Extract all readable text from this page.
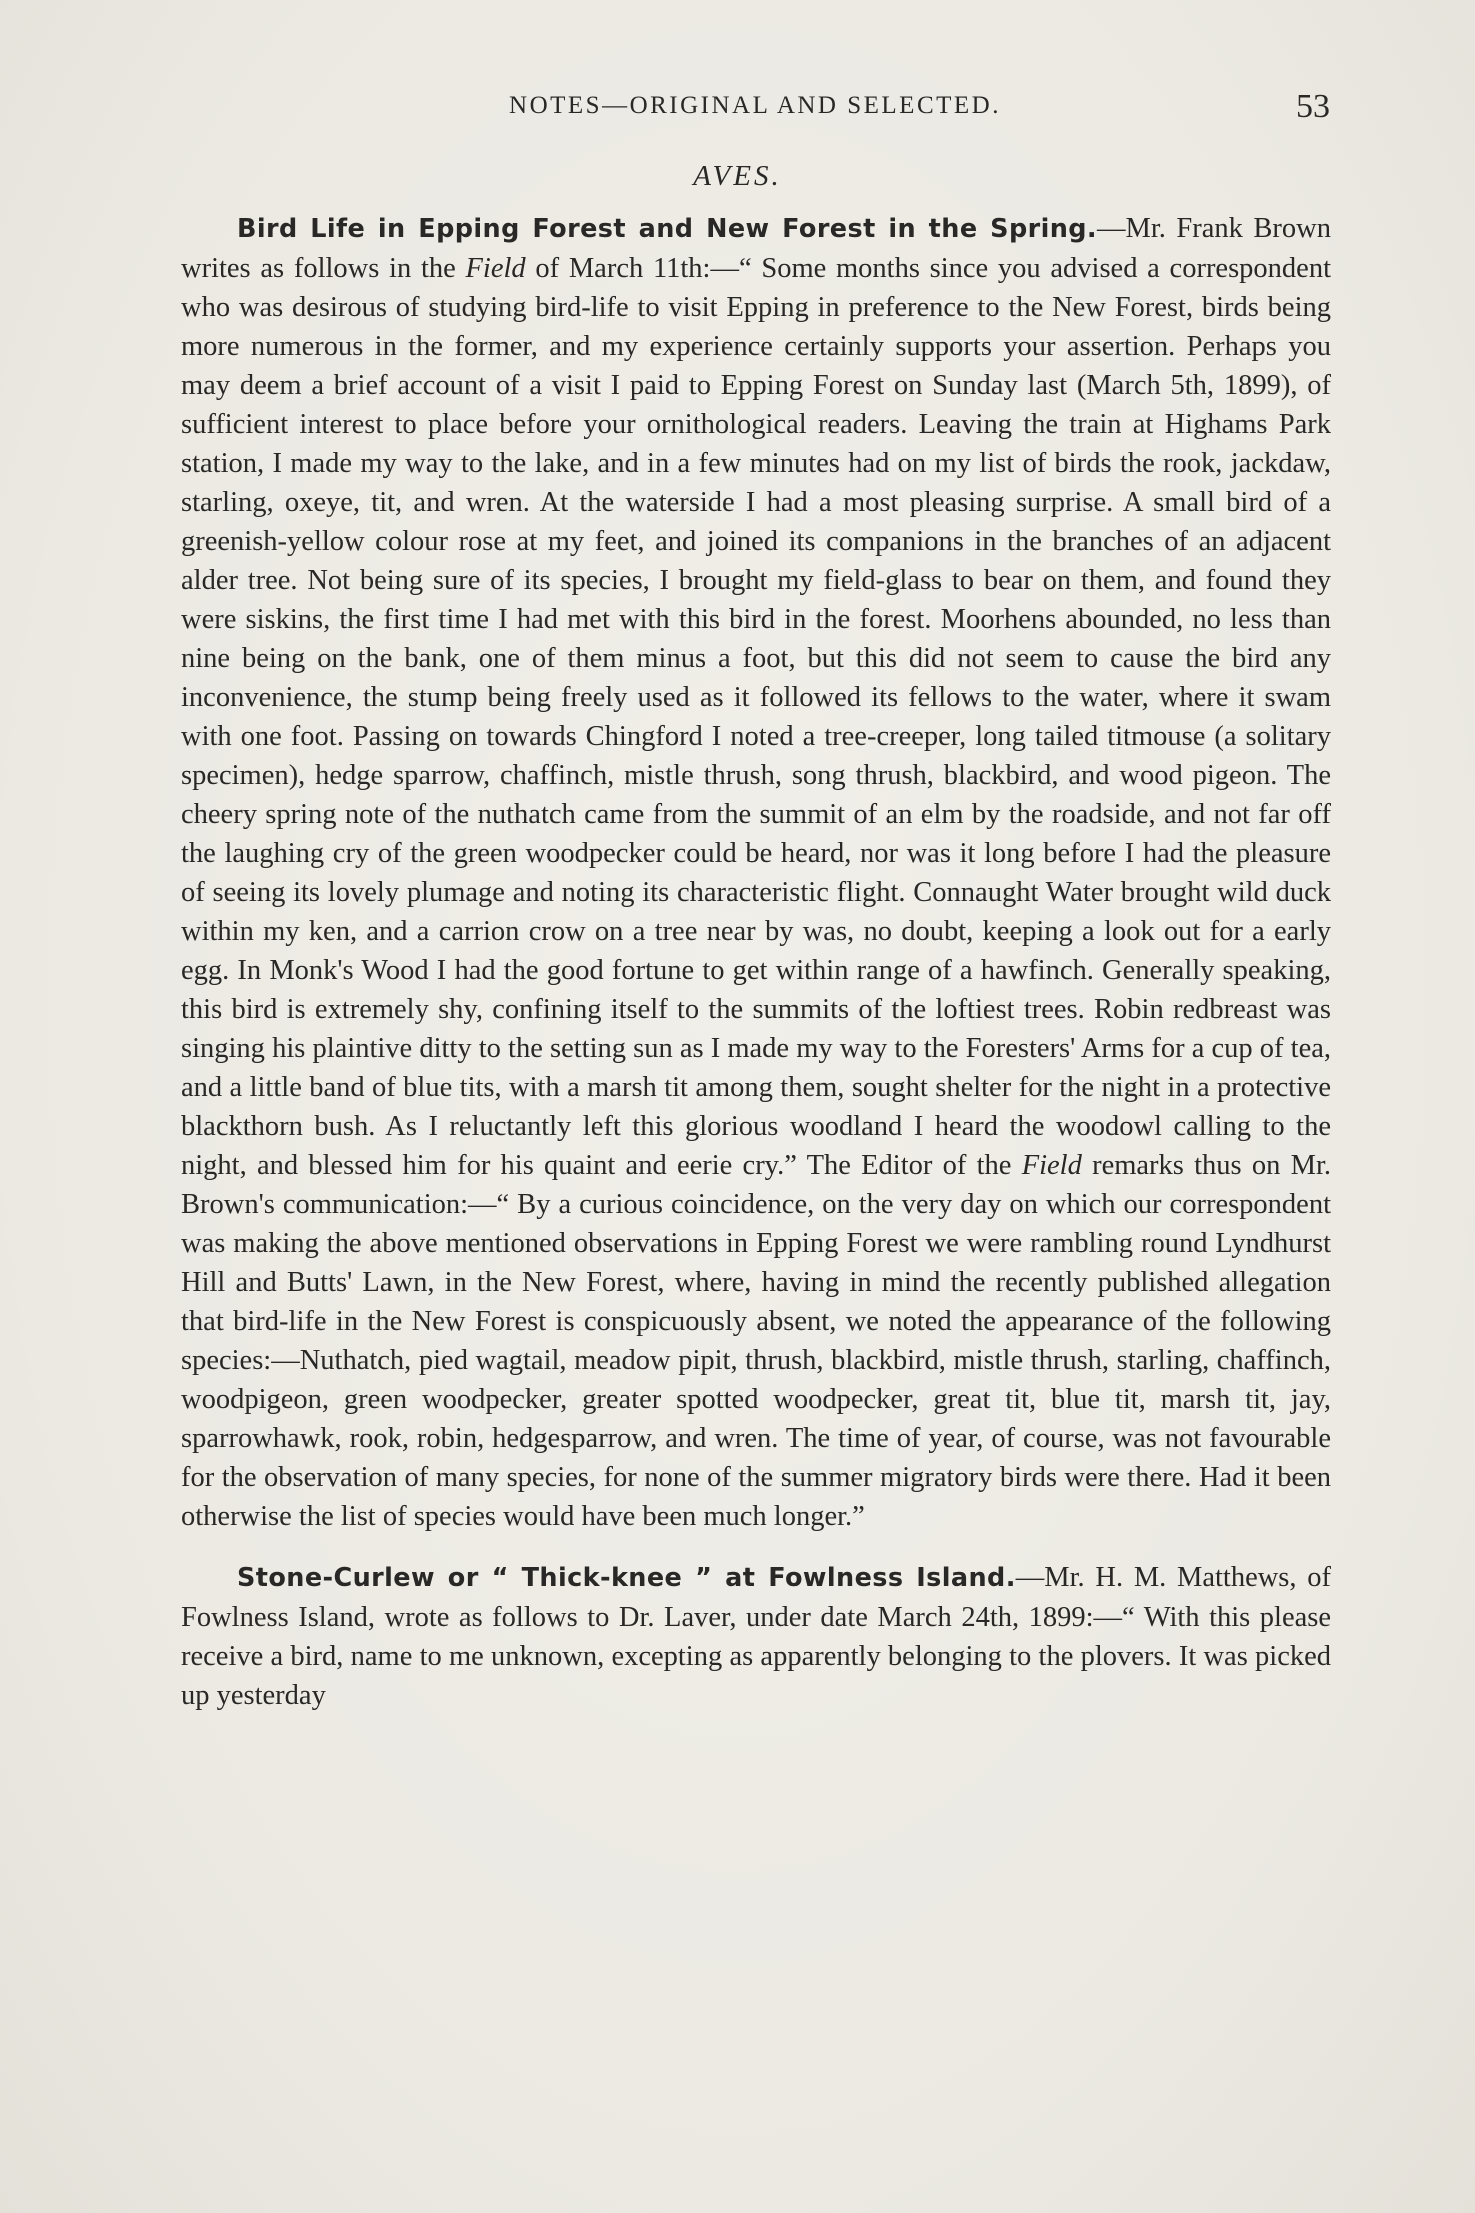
NOTES—ORIGINAL AND SELECTED.	53
AVES.

Bird Life in Epping Forest and New Forest in the Spring.—Mr. Frank Brown writes as follows in the Field of March 11th:—“ Some months since you advised a correspondent who was desirous of studying bird-life to visit Epping in preference to the New Forest, birds being more numerous in the former, and my experience certainly supports your assertion. Perhaps you may deem a brief account of a visit I paid to Epping Forest on Sunday last (March 5th, 1899), of sufficient interest to place before your ornithological readers. Leaving the train at Highams Park station, I made my way to the lake, and in a few minutes had on my list of birds the rook, jackdaw, starling, oxeye, tit, and wren. At the waterside I had a most pleasing surprise. A small bird of a greenish-yellow colour rose at my feet, and joined its companions in the branches of an adjacent alder tree. Not being sure of its species, I brought my field-glass to bear on them, and found they were siskins, the first time I had met with this bird in the forest. Moorhens abounded, no less than nine being on the bank, one of them minus a foot, but this did not seem to cause the bird any inconvenience, the stump being freely used as it followed its fellows to the water, where it swam with one foot. Passing on towards Chingford I noted a tree-creeper, long tailed titmouse (a solitary specimen), hedge sparrow, chaffinch, mistle thrush, song thrush, blackbird, and wood pigeon. The cheery spring note of the nuthatch came from the summit of an elm by the roadside, and not far off the laughing cry of the green woodpecker could be heard, nor was it long before I had the pleasure of seeing its lovely plumage and noting its characteristic flight. Connaught Water brought wild duck within my ken, and a carrion crow on a tree near by was, no doubt, keeping a look out for a early egg. In Monk's Wood I had the good fortune to get within range of a hawfinch. Generally speaking, this bird is extremely shy, confining itself to the summits of the loftiest trees. Robin redbreast was singing his plaintive ditty to the setting sun as I made my way to the Foresters' Arms for a cup of tea, and a little band of blue tits, with a marsh tit among them, sought shelter for the night in a protective blackthorn bush. As I reluctantly left this glorious woodland I heard the woodowl calling to the night, and blessed him for his quaint and eerie cry.” The Editor of the Field remarks thus on Mr. Brown's communication:—“ By a curious coincidence, on the very day on which our correspondent was making the above mentioned observations in Epping Forest we were rambling round Lyndhurst Hill and Butts' Lawn, in the New Forest, where, having in mind the recently published allegation that bird-life in the New Forest is conspicuously absent, we noted the appearance of the following species:—Nuthatch, pied wagtail, meadow pipit, thrush, blackbird, mistle thrush, starling, chaffinch, woodpigeon, green woodpecker, greater spotted woodpecker, great tit, blue tit, marsh tit, jay, sparrowhawk, rook, robin, hedgesparrow, and wren. The time of year, of course, was not favourable for the observation of many species, for none of the summer migratory birds were there. Had it been otherwise the list of species would have been much longer.”

Stone-Curlew or “ Thick-knee ” at Fowlness Island.—Mr. H. M. Matthews, of Fowlness Island, wrote as follows to Dr. Laver, under date March 24th, 1899:—“ With this please receive a bird, name to me unknown, excepting as apparently belonging to the plovers. It was picked up yesterday
